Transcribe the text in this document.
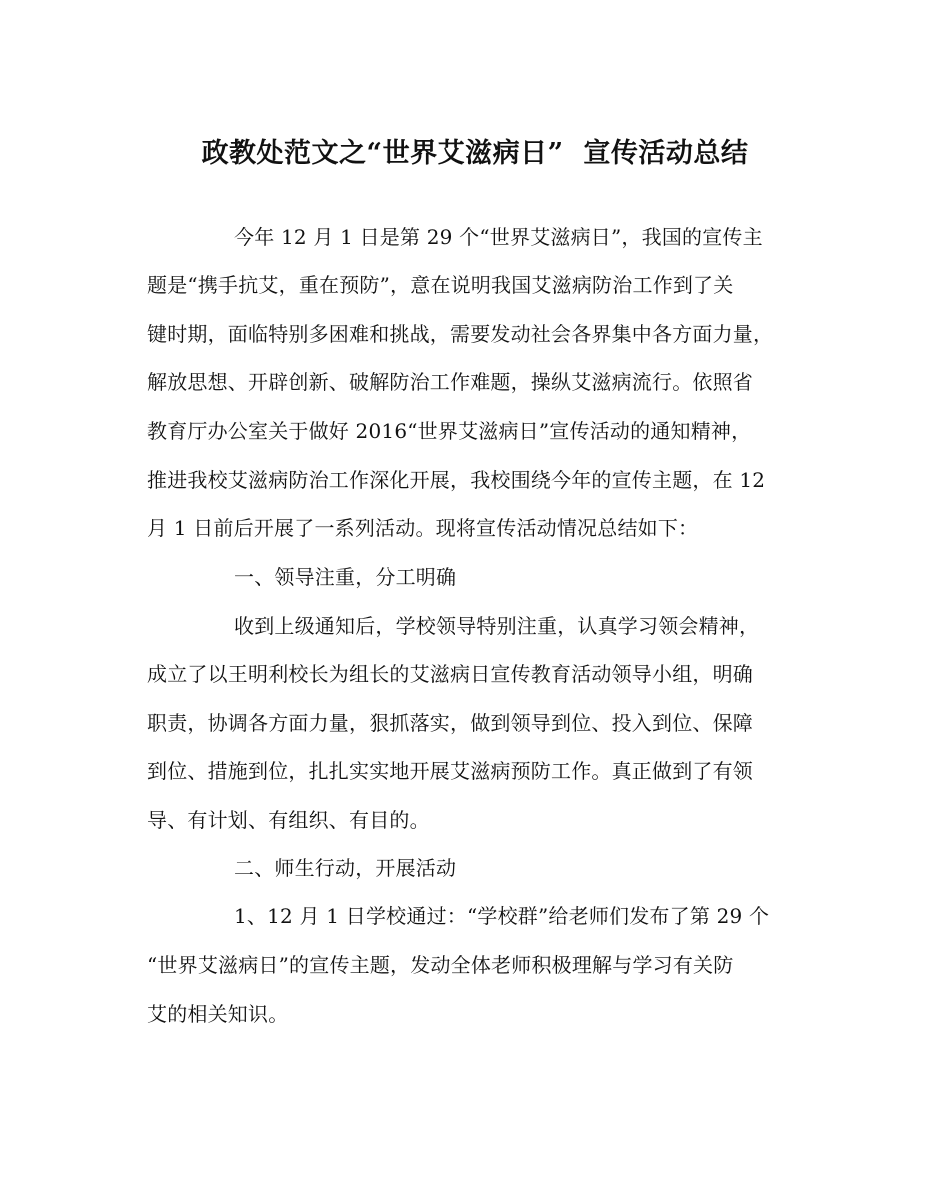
政教处范文之“世界艾滋病日”  宣传活动总结
今年 12 月 1 日是第 29 个“世界艾滋病日”，我国的宣传主
题是“携手抗艾，重在预防”，意在说明我国艾滋病防治工作到了关
键时期，面临特别多困难和挑战，需要发动社会各界集中各方面力量，
解放思想、开辟创新、破解防治工作难题，操纵艾滋病流行。依照省
教育厅办公室关于做好 2016“世界艾滋病日”宣传活动的通知精神，
推进我校艾滋病防治工作深化开展，我校围绕今年的宣传主题，在 12
月 1 日前后开展了一系列活动。现将宣传活动情况总结如下：
一、领导注重，分工明确
收到上级通知后，学校领导特别注重，认真学习领会精神，
成立了以王明利校长为组长的艾滋病日宣传教育活动领导小组，明确
职责，协调各方面力量，狠抓落实，做到领导到位、投入到位、保障
到位、措施到位，扎扎实实地开展艾滋病预防工作。真正做到了有领
导、有计划、有组织、有目的。
二、师生行动，开展活动
1、12 月 1 日学校通过：“学校群”给老师们发布了第 29 个
“世界艾滋病日”的宣传主题，发动全体老师积极理解与学习有关防
艾的相关知识。
